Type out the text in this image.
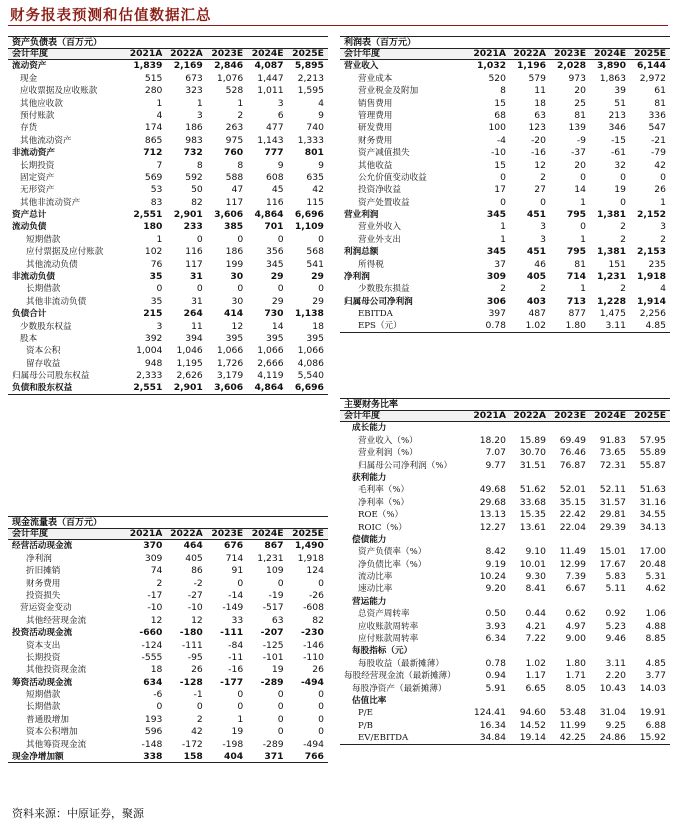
财务报表预测和估值数据汇总
资产负债表（百万元）
会计年度	2021A 2022A 2023E 2024E 2025E
流动资产	1,839	2,169	2,846	4,087	5,895
现金	515	673	1,076	1,447	2,213
应收票据及应收账款	280	323	528	1,011	1,595
其他应收款	1	1	1	3	4
预付账款	4	3	2	6	9
存货	174	186	263	477	740
其他流动资产	865	983	975	1,143	1,333
非流动资产	712	732	760	777	801
长期投资	7	8	8	9	9
固定资产	569	592	588	608	635
无形资产	53	50	47	45	42
其他非流动资产	83	82	117	116	115
资产总计	2,551	2,901	3,606	4,864	6,696
流动负债	180	233	385	701	1,109
短期借款	1	0	0	0	0
应付票据及应付账款	102	116	186	356	568
其他流动负债	76	117	199	345	541
非流动负债	35	31	30	29	29
长期借款	0	0	0	0	0
其他非流动负债	35	31	30	29	29
负债合计	215	264	414	730	1,138
少数股东权益	3	11	12	14	18
股本	392	394	395	395	395
资本公积	1,004	1,046	1,066	1,066	1,066
留存收益	948	1,195	1,726	2,666	4,086
归属母公司股东权益	2,333	2,626	3,179	4,119	5,540
负债和股东权益	2,551	2,901	3,606	4,864	6,696
现金流量表（百万元）
会计年度	2021A 2022A 2023E 2024E 2025E
经营活动现金流	370	464	676	867	1,490
净利润	309	405	714	1,231	1,918
折旧摊销	74	86	91	109	124
财务费用	2	-2	0	0	0
投资损失	-17	-27	-14	-19	-26
营运资金变动	-10	-10	-149	-517	-608
其他经营现金流	12	12	33	63	82
投资活动现金流	-660	-180	-111	-207	-230
资本支出	-124	-111	-84	-125	-146
长期投资	-555	-95	-11	-101	-110
其他投资现金流	18	26	-16	19	26
筹资活动现金流	634	-128	-177	-289	-494
短期借款	-6	-1	0	0	0
长期借款	0	0	0	0	0
普通股增加	193	2	1	0	0
资本公积增加	596	42	19	0	0
其他筹资现金流	-148	-172	-198	-289	-494
现金净增加额	338	158	404	371	766
利润表（百万元）
会计年度	2021A 2022A 2023E 2024E 2025E
营业收入	1,032	1,196	2,028	3,890	6,144
营业成本	520	579	973	1,863	2,972
营业税金及附加	8	11	20	39	61
销售费用	15	18	25	51	81
管理费用	68	63	81	213	336
研发费用	100	123	139	346	547
财务费用	-4	-20	-9	-15	-21
资产减值损失	-10	-16	-37	-61	-79
其他收益	15	12	20	32	42
公允价值变动收益	0	2	0	0	0
投资净收益	17	27	14	19	26
资产处置收益	0	0	1	0	1
营业利润	345	451	795	1,381	2,152
营业外收入	1	3	0	2	3
营业外支出	1	3	1	2	2
利润总额	345	451	795	1,381	2,153
所得税	37	46	81	151	235
净利润	309	405	714	1,231	1,918
少数股东损益	2	2	1	2	4
归属母公司净利润	306	403	713	1,228	1,914
EBITDA	397	487	877	1,475	2,256
EPS（元）	0.78	1.02	1.80	3.11	4.85
主要财务比率
会计年度	2021A 2022A 2023E 2024E 2025E
成长能力
营业收入（%）	18.20	15.89	69.49	91.83	57.95
营业利润（%）	7.07	30.70	76.46	73.65	55.89
归属母公司净利润（%）	9.77	31.51	76.87	72.31	55.87
获利能力
毛利率（%）	49.68	51.62	52.01	52.11	51.63
净利率（%）	29.68	33.68	35.15	31.57	31.16
ROE（%）	13.13	15.35	22.42	29.81	34.55
ROIC（%）	12.27	13.61	22.04	29.39	34.13
偿债能力
资产负债率（%）	8.42	9.10	11.49	15.01	17.00
净负债比率（%）	9.19	10.01	12.99	17.67	20.48
流动比率	10.24	9.30	7.39	5.83	5.31
速动比率	9.20	8.41	6.67	5.11	4.62
营运能力
总资产周转率	0.50	0.44	0.62	0.92	1.06
应收账款周转率	3.93	4.21	4.97	5.23	4.88
应付账款周转率	6.34	7.22	9.00	9.46	8.85
每股指标（元）
每股收益（最新摊薄）	0.78	1.02	1.80	3.11	4.85
每股经营现金流（最新摊薄）	0.94	1.17	1.71	2.20	3.77
每股净资产（最新摊薄）	5.91	6.65	8.05	10.43	14.03
估值比率
P/E	124.41	94.60	53.48	31.04	19.91
P/B	16.34	14.52	11.99	9.25	6.88
EV/EBITDA	34.84	19.14	42.25	24.86	15.92
资料来源：中原证券，聚源
